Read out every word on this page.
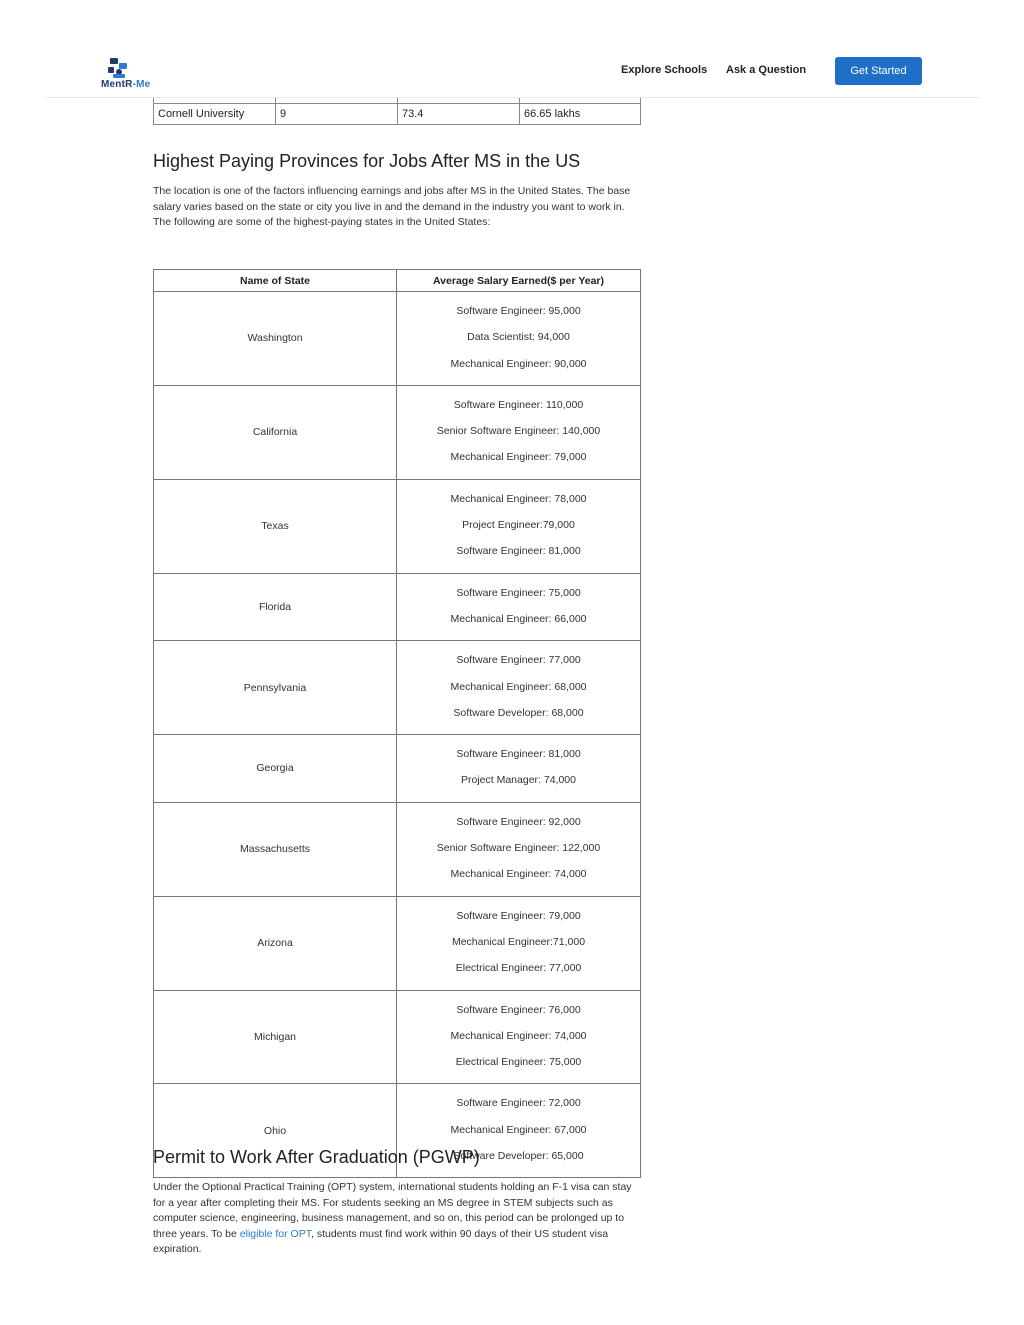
Cornell University	9	73.4	66.65 lakhs
MentR-Me
Explore Schools Ask a Question	Get Started
Highest Paying Provinces for Jobs After MS in the US

The location is one of the factors influencing earnings and jobs after MS in the United States. The base salary varies based on the state or city you live in and the demand in the industry you want to work in. The following are some of the highest-paying states in the United States:

Name of State	Average Salary Earned($ per Year)
Washington	Software Engineer: 95,000
Data Scientist: 94,000
Mechanical Engineer: 90,000

California	Software Engineer: 110,000
Senior Software Engineer: 140,000
Mechanical Engineer: 79,000

Texas	Mechanical Engineer: 78,000
Project Engineer:79,000
Software Engineer: 81,000

Florida	Software Engineer: 75,000
Mechanical Engineer: 66,000

Pennsylvania	Software Engineer: 77,000
Mechanical Engineer: 68,000
Software Developer: 68,000

Georgia	Software Engineer: 81,000
Project Manager: 74,000

Massachusetts	Software Engineer: 92,000
Senior Software Engineer: 122,000
Mechanical Engineer: 74,000

Arizona	Software Engineer: 79,000
Mechanical Engineer:71,000
Electrical Engineer: 77,000

Michigan	Software Engineer: 76,000
Mechanical Engineer: 74,000
Electrical Engineer: 75,000

Ohio	Software Engineer: 72,000
Mechanical Engineer: 67,000
Software Developer: 65,000
Permit to Work After Graduation (PGWP)

Under the Optional Practical Training (OPT) system, international students holding an F-1 visa can stay for a year after completing their MS. For students seeking an MS degree in STEM subjects such as computer science, engineering, business management, and so on, this period can be prolonged up to three years. To be eligible for OPT, students must find work within 90 days of their US student visa expiration.
